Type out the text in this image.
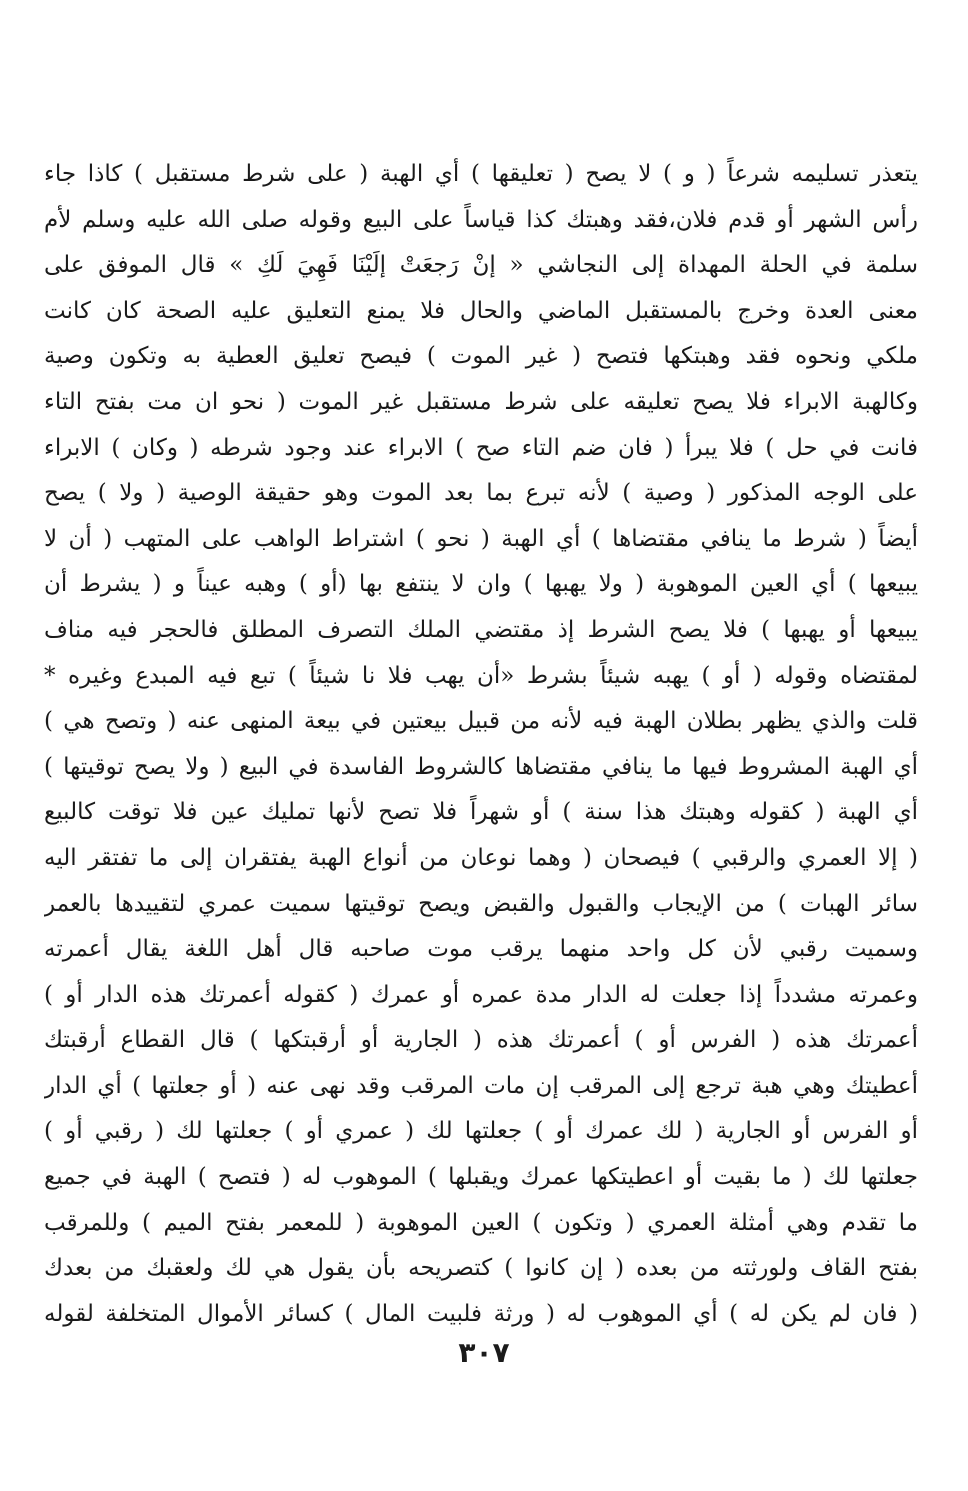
يتعذر تسليمه شرعاً ( و ) لا يصح ( تعليقها ) أي الهبة ( على شرط مستقبل ) كاذا جاء
رأس الشهر أو قدم فلان،فقد وهبتك كذا قياساً على البيع وقوله صلى الله عليه وسلم لأم
سلمة في الحلة المهداة إلى النجاشي « إنْ رَجعَتْ إلَيْنَا فَهِيَ لَكِ » قال الموفق على
معنى العدة وخرج بالمستقبل الماضي والحال فلا يمنع التعليق عليه الصحة كان كانت
ملكي ونحوه فقد وهبتكها فتصح ( غير الموت ) فيصح تعليق العطية به وتكون وصية
وكالهبة الابراء فلا يصح تعليقه على شرط مستقبل غير الموت ( نحو ان مت بفتح التاء
فانت في حل ) فلا يبرأ ( فان ضم التاء صح ) الابراء عند وجود شرطه ( وكان ) الابراء
على الوجه المذكور ( وصية ) لأنه تبرع بما بعد الموت وهو حقيقة الوصية ( ولا ) يصح
أيضاً ( شرط ما ينافي مقتضاها ) أي الهبة ( نحو ) اشتراط الواهب على المتهب ( أن لا
يبيعها ) أي العين الموهوبة ( ولا يهبها ) وان لا ينتفع بها (أو ) وهبه عيناً و ( يشرط أن
يبيعها أو يهبها ) فلا يصح الشرط إذ مقتضي الملك التصرف المطلق فالحجر فيه مناف
لمقتضاه وقوله ( أو ) يهبه شيئاً بشرط «أن يهب فلا نا شيئاً ) تبع فيه المبدع وغيره *
قلت والذي يظهر بطلان الهبة فيه لأنه من قبيل بيعتين في بيعة المنهى عنه ( وتصح هي )
أي الهبة المشروط فيها ما ينافي مقتضاها كالشروط الفاسدة في البيع ( ولا يصح توقيتها )
أي الهبة ( كقوله وهبتك هذا سنة ) أو شهراً فلا تصح لأنها تمليك عين فلا توقت كالبيع
( إلا العمري والرقبي ) فيصحان ( وهما نوعان من أنواع الهبة يفتقران إلى ما تفتقر اليه
سائر الهبات ) من الإيجاب والقبول والقبض ويصح توقيتها سميت عمري لتقييدها بالعمر
وسميت رقبي لأن كل واحد منهما يرقب موت صاحبه قال أهل اللغة يقال أعمرته
وعمرته مشدداً إذا جعلت له الدار مدة عمره أو عمرك ( كقوله أعمرتك هذه الدار أو )
أعمرتك هذه ( الفرس أو ) أعمرتك هذه ( الجارية أو أرقبتكها ) قال القطاع أرقبتك
أعطيتك وهي هبة ترجع إلى المرقب إن مات المرقب وقد نهى عنه ( أو جعلتها ) أي الدار
أو الفرس أو الجارية ( لك عمرك أو ) جعلتها لك ( عمري أو ) جعلتها لك ( رقبي أو )
جعلتها لك ( ما بقيت أو اعطيتكها عمرك ويقبلها ) الموهوب له ( فتصح ) الهبة في جميع
ما تقدم وهي أمثلة العمري ( وتكون ) العين الموهوبة ( للمعمر بفتح الميم ) وللمرقب
بفتح القاف ولورثته من بعده ( إن كانوا ) كتصريحه بأن يقول هي لك ولعقبك من بعدك
( فان لم يكن له ) أي الموهوب له ( ورثة فلبيت المال ) كسائر الأموال المتخلفة لقوله
٣٠٧
